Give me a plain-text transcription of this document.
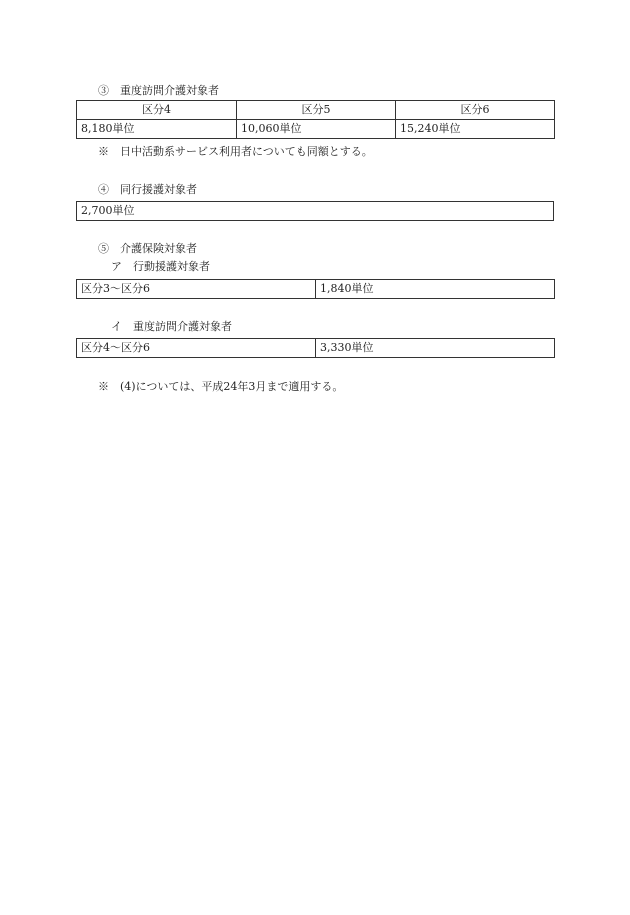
③　重度訪問介護対象者
区分4	区分5	区分6
8,180単位	10,060単位	15,240単位
※　日中活動系サービス利用者についても同額とする。
④　同行援護対象者
2,700単位
⑤　介護保険対象者
ア　行動援護対象者
区分3～区分6	1,840単位
イ　重度訪問介護対象者
区分4～区分6	3,330単位
※　(4)については、平成24年3月まで適用する。
